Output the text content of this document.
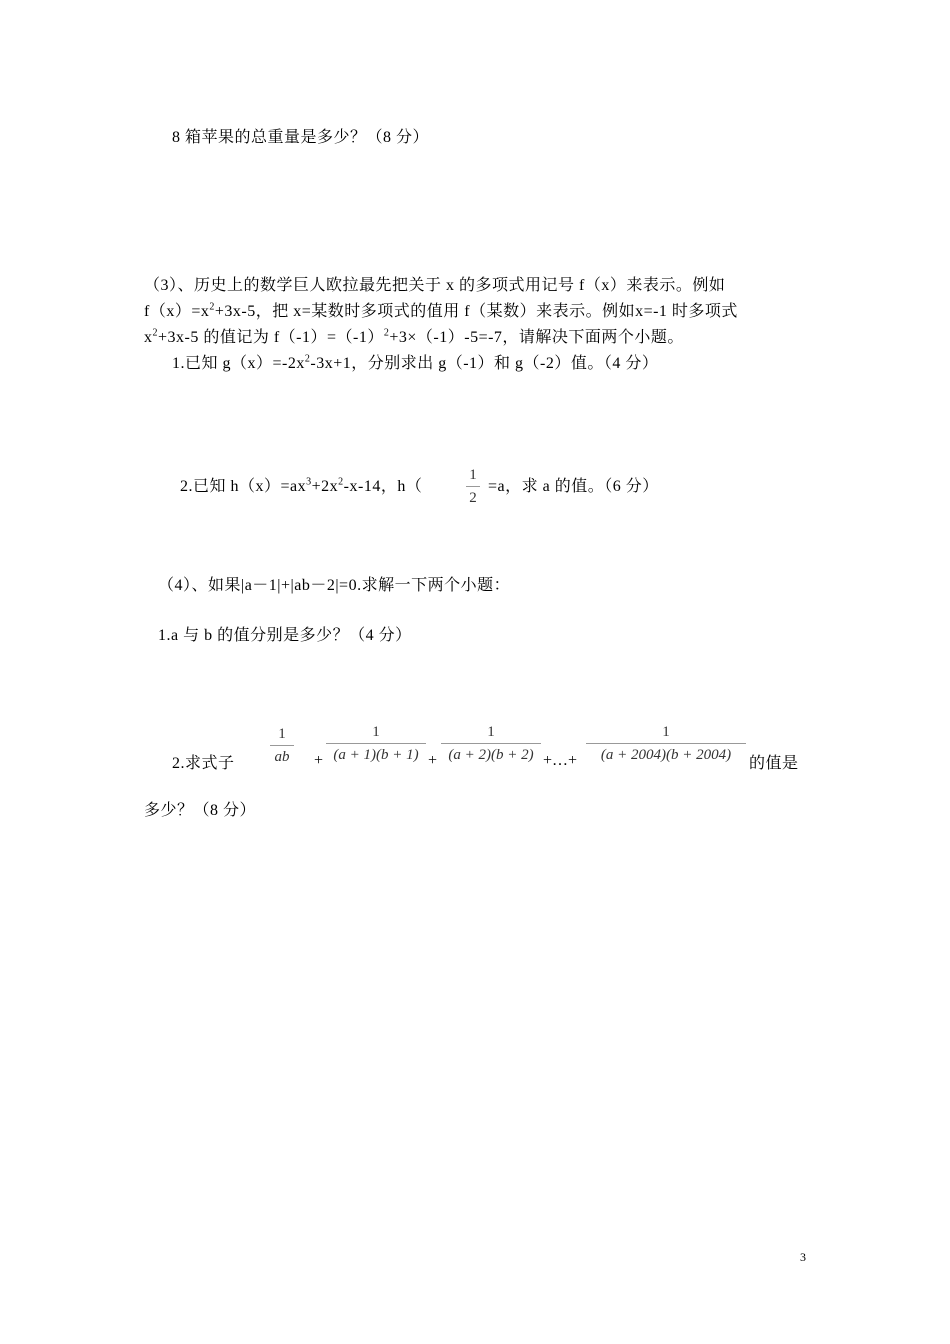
8 箱苹果的总重量是多少？（8 分）
（3）、历史上的数学巨人欧拉最先把关于 x 的多项式用记号 f（x）来表示。例如
$f(x)=x^2+3x-5$，把 x=某数时多项式的值用 f（某数）来表示。例如x=-1 时多项式
$x^2+3x-5$ 的值记为 $f(-1)=(-1)^2+3\times(-1)-5=-7$，请解决下面两个小题。
1.已知 $g(x)=-2x^2-3x+1$，分别求出 g（-1）和 g（-2）值。（4 分）
2.已知 $h(x)=ax^3+2x^2-x-14$，h（
1
2
=a，求 a 的值。（6 分）
（4）、如果|a－1|+|ab－2|=0.求解一下两个小题：
1.a 与 b 的值分别是多少？（4 分）
2.求式子
1
ab +
1
(a + 1)(b + 1) +
1
(a + 2)(b + 2) +…+
1
(a + 2004)(b + 2004)	的值是
多少？（8 分）
3
